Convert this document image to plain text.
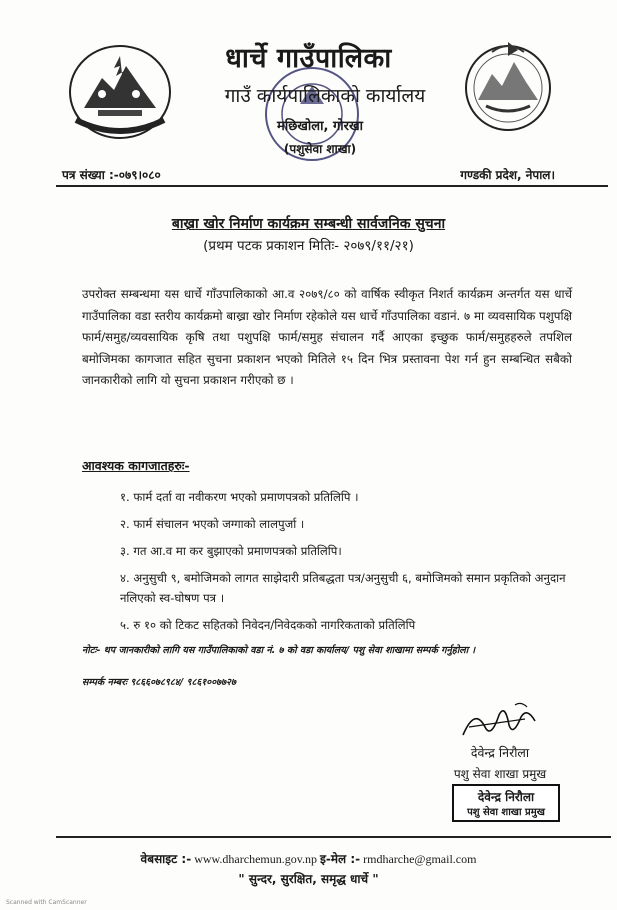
धार्चे गाउँपालिका
गाउँ कार्यपालिकाको कार्यालय
मछिखोला, गोरखा
(पशुसेवा शाखा)
पत्र संख्या :-०७९।०८०	गण्डकी प्रदेश, नेपाल।
बाख्रा खोर निर्माण कार्यक्रम सम्बन्धी सार्वजनिक सुचना
(प्रथम पटक प्रकाशन मितिः- २०७९/११/२१)
उपरोक्त सम्बन्धमा यस धार्चे गाँउपालिकाको आ.व २०७९/८० को वार्षिक स्वीकृत निशर्त कार्यक्रम अन्तर्गत यस धार्चे गाउँपालिका वडा स्तरीय कार्यक्रमो बाख्रा खोर निर्माण रहेकोले यस धार्चे गाँउपालिका वडानं. ७ मा व्यवसायिक पशुपक्षि फार्म/समुह/व्यवसायिक कृषि तथा पशुपक्षि फार्म/समुह संचालन गर्दै आएका इच्छुक फार्म/समुहहरुले तपशिल बमोजिमका कागजात सहित सुचना प्रकाशन भएको मितिले १५ दिन भित्र प्रस्तावना पेश गर्न हुन सम्बन्धित सबैको जानकारीको लागि यो सुचना प्रकाशन गरीएको छ ।
आवश्यक कागजातहरुः-
१. फार्म दर्ता वा नवीकरण भएको प्रमाणपत्रको प्रतिलिपि ।
२. फार्म संचालन भएको जग्गाको लालपुर्जा ।
३. गत आ.व मा कर बुझाएको प्रमाणपत्रको प्रतिलिपि।
४. अनुसुची ९, बमोजिमको लागत साझेदारी प्रतिबद्धता पत्र/अनुसुची ६, बमोजिमको समान प्रकृतिको अनुदान नलिएको स्व-घोषण पत्र ।
५. रु १० को टिकट सहितको निवेदन/निवेदकको नागरिकताको प्रतिलिपि
नोटः- थप जानकारीको लागि यस गाउँपालिकाको वडा नं. ७ को वडा कार्यालय/ पशु सेवा शाखामा सम्पर्क गर्नुहोला ।
सम्पर्क नम्बरः ९८६६०७८९८४/ ९८६१००७७२७
देवेन्द्र निरौला
पशु सेवा शाखा प्रमुख
देवेन्द्र निरौला
पशु सेवा शाखा प्रमुख
वेबसाइट :- www.dharchemun.gov.np इ-मेल :- rmdharche@gmail.com
" सुन्दर, सुरक्षित, समृद्ध धार्चे "
Scanned with CamScanner
